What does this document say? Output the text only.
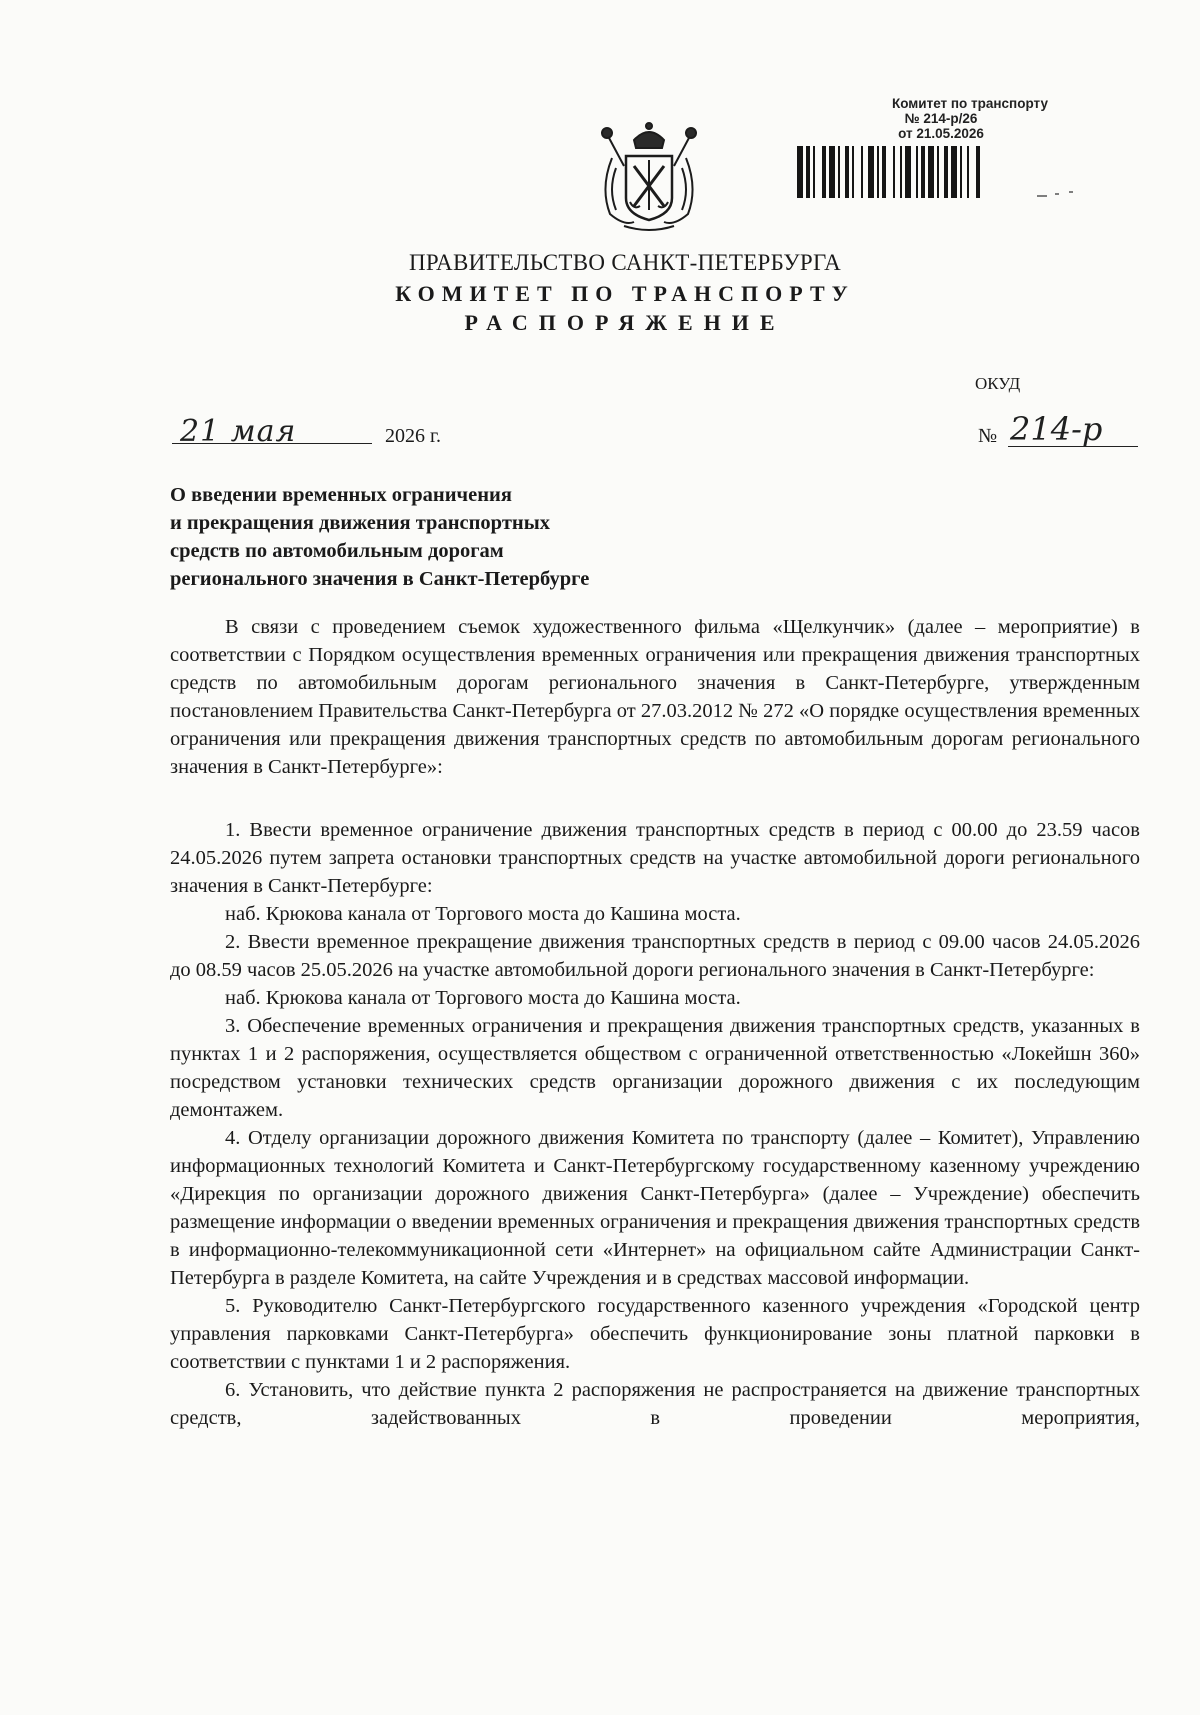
Комитет по транспорту
№ 214-р/26
от 21.05.2026
ПРАВИТЕЛЬСТВО САНКТ-ПЕТЕРБУРГА
КОМИТЕТ ПО ТРАНСПОРТУ
РАСПОРЯЖЕНИЕ
ОКУД
21 мая	2026 г.	№ 214-р
О введении временных ограничения
и прекращения движения транспортных
средств по автомобильным дорогам
регионального значения в Санкт-Петербурге

В связи с проведением съемок художественного фильма «Щелкунчик» (далее – мероприятие) в соответствии с Порядком осуществления временных ограничения или прекращения движения транспортных средств по автомобильным дорогам регионального значения в Санкт-Петербурге, утвержденным постановлением Правительства Санкт-Петербурга от 27.03.2012 № 272 «О порядке осуществления временных ограничения или прекращения движения транспортных средств по автомобильным дорогам регионального значения в Санкт-Петербурге»:

1. Ввести временное ограничение движения транспортных средств в период с 00.00 до 23.59 часов 24.05.2026 путем запрета остановки транспортных средств на участке автомобильной дороги регионального значения в Санкт-Петербурге:

наб. Крюкова канала от Торгового моста до Кашина моста.

2. Ввести временное прекращение движения транспортных средств в период с 09.00 часов 24.05.2026 до 08.59 часов 25.05.2026 на участке автомобильной дороги регионального значения в Санкт-Петербурге:

наб. Крюкова канала от Торгового моста до Кашина моста.

3. Обеспечение временных ограничения и прекращения движения транспортных средств, указанных в пунктах 1 и 2 распоряжения, осуществляется обществом с ограниченной ответственностью «Локейшн 360» посредством установки технических средств организации дорожного движения с их последующим демонтажем.

4. Отделу организации дорожного движения Комитета по транспорту (далее – Комитет), Управлению информационных технологий Комитета и Санкт-Петербургскому государственному казенному учреждению «Дирекция по организации дорожного движения Санкт-Петербурга» (далее – Учреждение) обеспечить размещение информации о введении временных ограничения и прекращения движения транспортных средств в информационно-телекоммуникационной сети «Интернет» на официальном сайте Администрации Санкт-Петербурга в разделе Комитета, на сайте Учреждения и в средствах массовой информации.

5. Руководителю Санкт-Петербургского государственного казенного учреждения «Городской центр управления парковками Санкт-Петербурга» обеспечить функционирование зоны платной парковки в соответствии с пунктами 1 и 2 распоряжения.

6. Установить, что действие пункта 2 распоряжения не распространяется на движение транспортных средств, задействованных в проведении мероприятия,
